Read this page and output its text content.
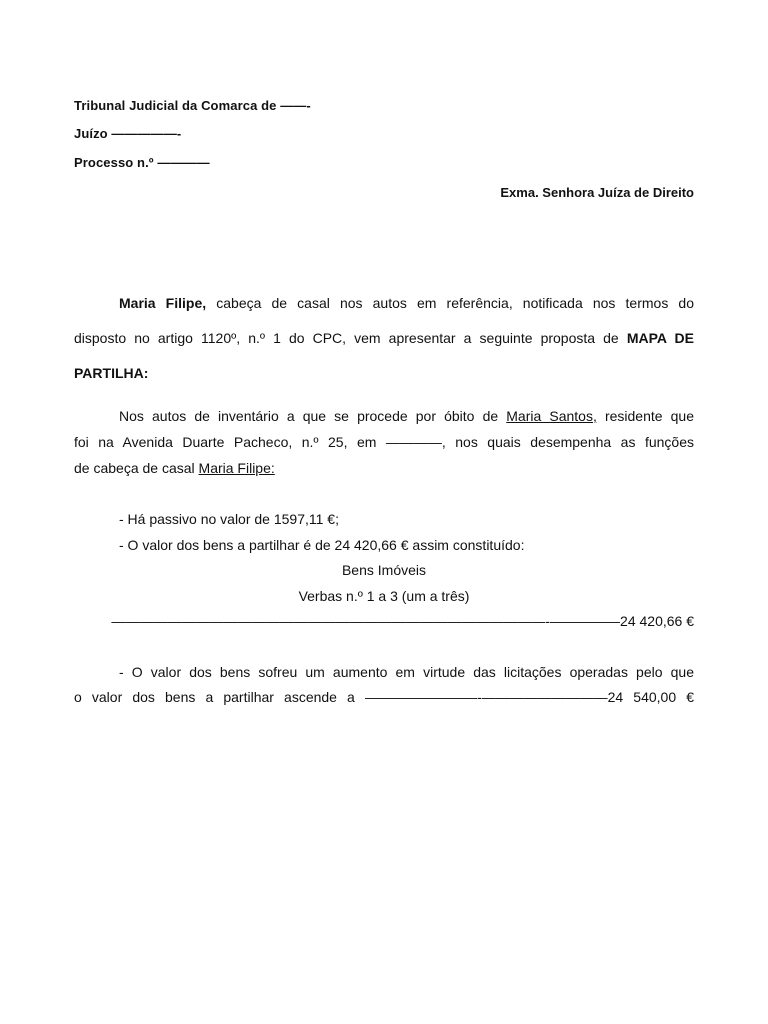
Tribunal Judicial da Comarca de ——-
Juízo —————-
Processo n.º ————
Exma. Senhora Juíza de Direito
Maria Filipe, cabeça de casal nos autos em referência, notificada nos termos do
disposto no artigo 1120º, n.º 1 do CPC, vem apresentar a seguinte proposta de MAPA DE
PARTILHA:
Nos autos de inventário a que se procede por óbito de Maria Santos, residente que
foi na Avenida Duarte Pacheco, n.º 25, em ————, nos quais desempenha as funções
de cabeça de casal Maria Filipe:
- Há passivo no valor de 1597,11 €;
- O valor dos bens a partilhar é de 24 420,66 € assim constituído:
Bens Imóveis
Verbas n.º 1 a 3 (um a três)
———————————————————————————————-—————24 420,66 €
- O valor dos bens sofreu um aumento em virtude das licitações operadas pelo que
o valor dos bens a partilhar ascende a ————————-—————————24 540,00 €
